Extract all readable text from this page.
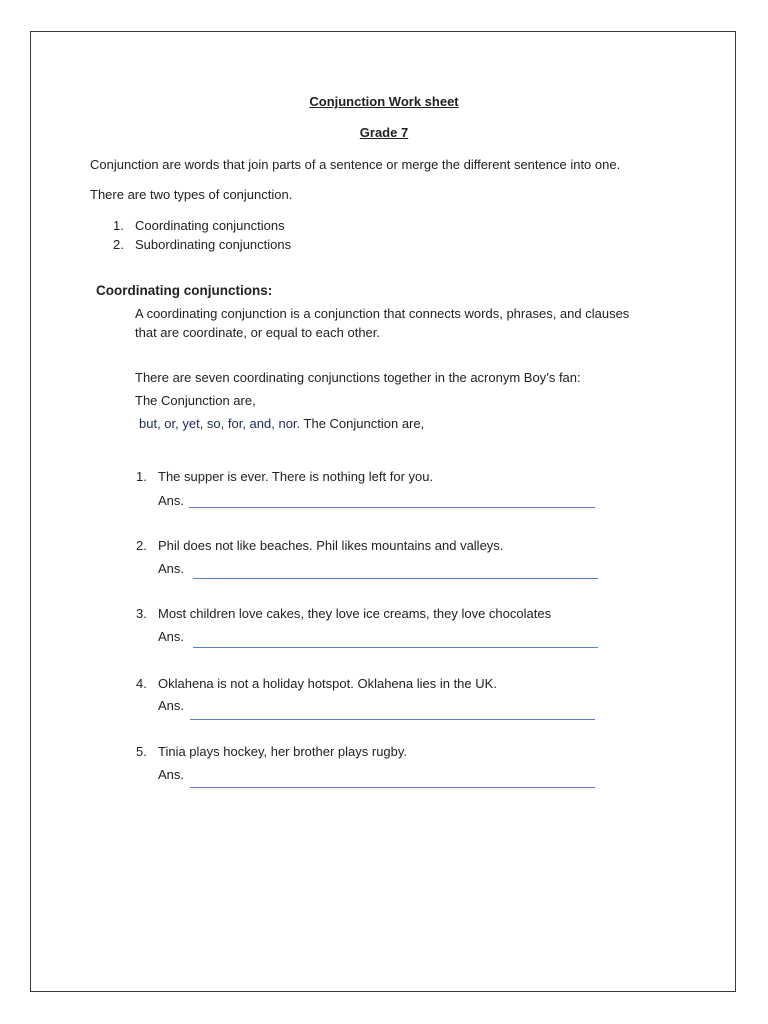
Conjunction Work sheet
Grade 7
Conjunction are words that join parts of a sentence or merge the different sentence into one.
There are two types of conjunction.
1. Coordinating conjunctions
2. Subordinating conjunctions
Coordinating conjunctions:
A coordinating conjunction is a conjunction that connects words, phrases, and clauses
that are coordinate, or equal to each other.
There are seven coordinating conjunctions together in the acronym Boy’s fan:
The Conjunction are,
but, or, yet, so, for, and, nor. The Conjunction are,
1. The supper is ever. There is nothing left for you.
Ans.
2. Phil does not like beaches. Phil likes mountains and valleys.
Ans.
3. Most children love cakes, they love ice creams, they love chocolates
Ans.
4. Oklahena is not a holiday hotspot. Oklahena lies in the UK.
Ans.
5. Tinia plays hockey, her brother plays rugby.
Ans.
